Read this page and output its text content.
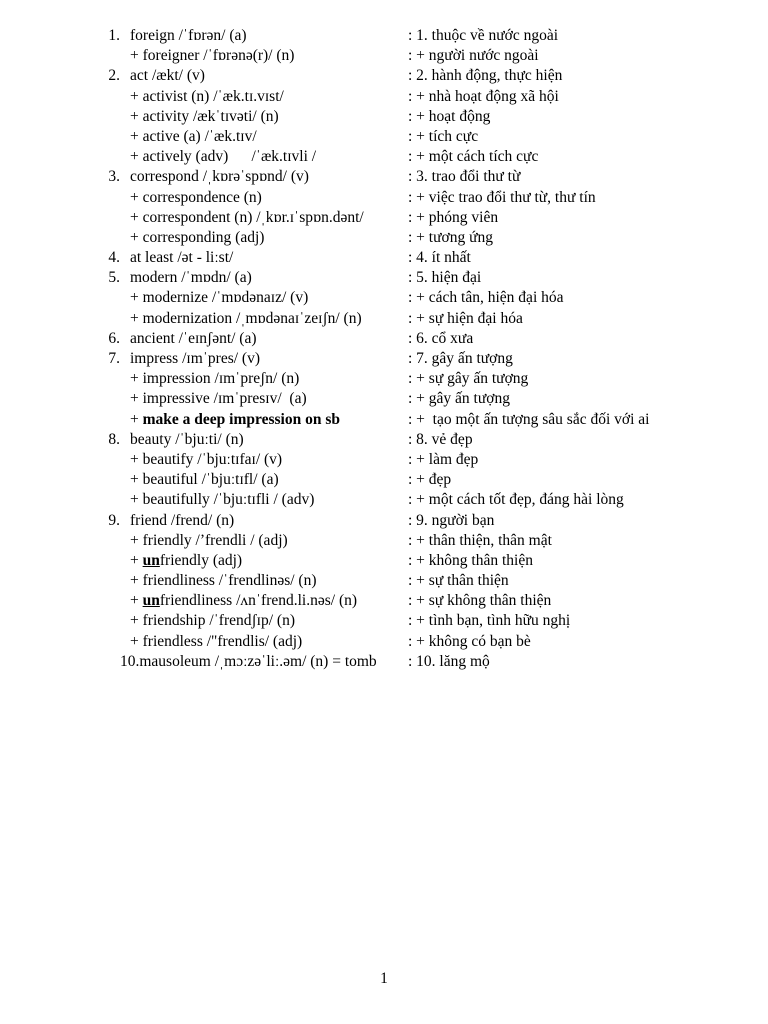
1. foreign /ˈfɒrən/ (a)	: 1. thuộc về nước ngoài
+ foreigner /ˈfɒrənə(r)/ (n)	: + người nước ngoài
2. act /ækt/ (v)	: 2. hành động, thực hiện
+ activist (n) /ˈæk.tɪ.vɪst/	: + nhà hoạt động xã hội
+ activity /ækˈtɪvəti/ (n)	: + hoạt động
+ active (a) /ˈæk.tɪv/	: + tích cực
+ actively (adv)      /ˈæk.tɪvli /	: + một cách tích cực
3. correspond /ˌkɒrəˈspɒnd/ (v)	: 3. trao đổi thư từ
+ correspondence (n)	: + việc trao đổi thư từ, thư tín
+ correspondent (n) /ˌkɒr.ɪˈspɒn.dənt/	: + phóng viên
+ corresponding (adj)	: + tương ứng
4. at least /ət - liːst/	: 4. ít nhất
5. modern /ˈmɒdn/ (a)	: 5. hiện đại
+ modernize /ˈmɒdənaɪz/ (v)	: + cách tân, hiện đại hóa
+ modernization /ˌmɒdənaɪˈzeɪʃn/ (n)	: + sự hiện đại hóa
6. ancient /ˈeɪnʃənt/ (a)	: 6. cổ xưa
7. impress /ɪmˈpres/ (v)	: 7. gây ấn tượng
+ impression /ɪmˈpreʃn/ (n)	: + sự gây ấn tượng
+ impressive /ɪmˈpresɪv/  (a)	: + gây ấn tượng
+ make a deep impression on sb	: +  tạo một ấn tượng sâu sắc đối với ai
8. beauty /ˈbjuːti/ (n)	: 8. vẻ đẹp
+ beautify /ˈbjuːtɪfaɪ/ (v)	: + làm đẹp
+ beautiful /ˈbjuːtɪfl/ (a)	: + đẹp
+ beautifully /ˈbjuːtɪfli / (adv)	: + một cách tốt đẹp, đáng hài lòng
9. friend /frend/ (n)	: 9. người bạn
+ friendly /’frendli / (adj)	: + thân thiện, thân mật
+ unfriendly (adj)	: + không thân thiện
+ friendliness /ˈfrendlinəs/ (n)	: + sự thân thiện
+ unfriendliness /ʌnˈfrend.li.nəs/ (n)	: + sự không thân thiện
+ friendship /ˈfrendʃɪp/ (n)	: + tình bạn, tình hữu nghị
+ friendless /"frendlis/ (adj)	: + không có bạn bè
10.mausoleum /ˌmɔːzəˈliː.əm/ (n) = tomb : 10. lăng mộ
1
